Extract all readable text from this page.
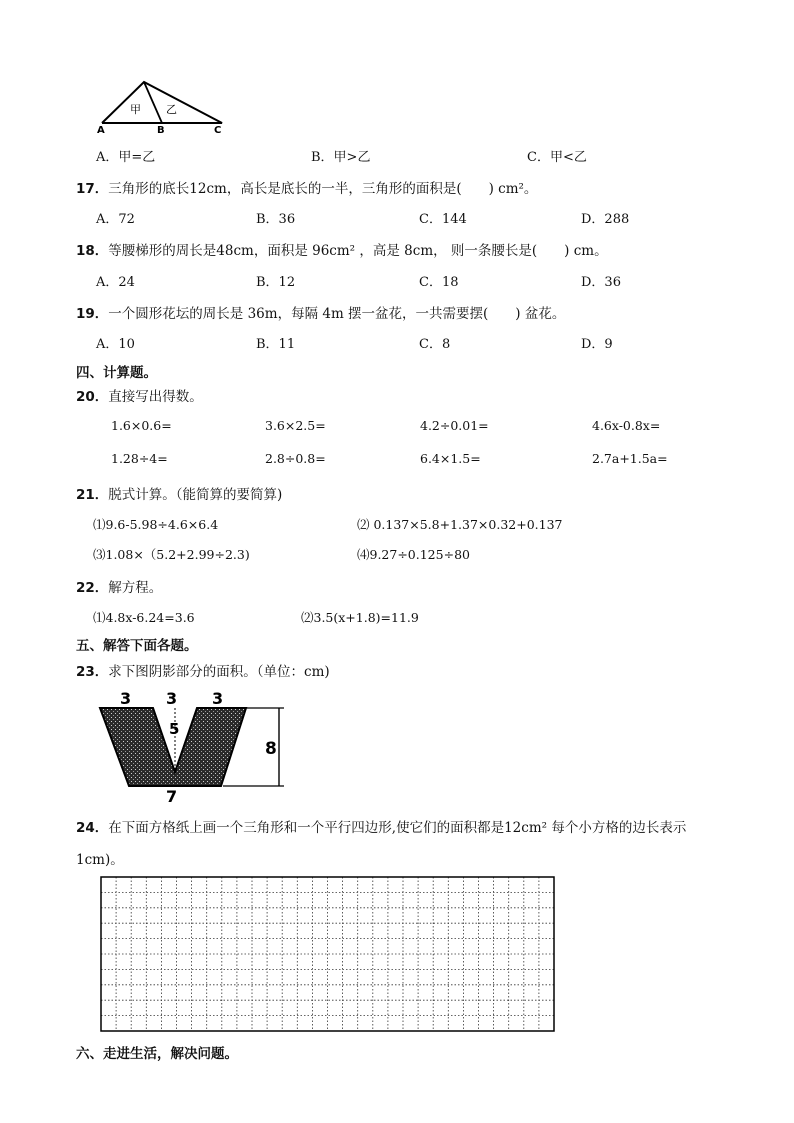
甲 乙
A	B	C
A．甲=乙	B．甲>乙	C．甲<乙
17．三角形的底长12cm，高长是底长的一半，三角形的面积是(　　) cm²。
A．72	B．36	C．144	D．288
18．等腰梯形的周长是48cm，面积是 96cm² ，高是 8cm， 则一条腰长是(　　) cm。
A．24	B．12	C．18	D．36
19．一个圆形花坛的周长是 36m，每隔 4m 摆一盆花，一共需要摆(　　) 盆花。
A．10	B．11	C．8	D．9
四、计算题。
20．直接写出得数。
1.6×0.6=	3.6×2.5=	4.2÷0.01=	4.6x-0.8x=
1.28÷4=	2.8÷0.8=	6.4×1.5=	2.7a+1.5a=
21．脱式计算。（能简算的要简算)
⑴9.6-5.98÷4.6×6.4	⑵ 0.137×5.8+1.37×0.32+0.137
⑶1.08×（5.2+2.99÷2.3)	⑷9.27÷0.125÷80
22．解方程。
⑴4.8x-6.24=3.6	⑵3.5(x+1.8)=11.9
五、解答下面各题。
23．求下图阴影部分的面积。（单位：cm)
3 3 3
5
8
7
24．在下面方格纸上画一个三角形和一个平行四边形,使它们的面积都是12cm² 每个小方格的边长表示
1cm)。
六、走进生活，解决问题。
